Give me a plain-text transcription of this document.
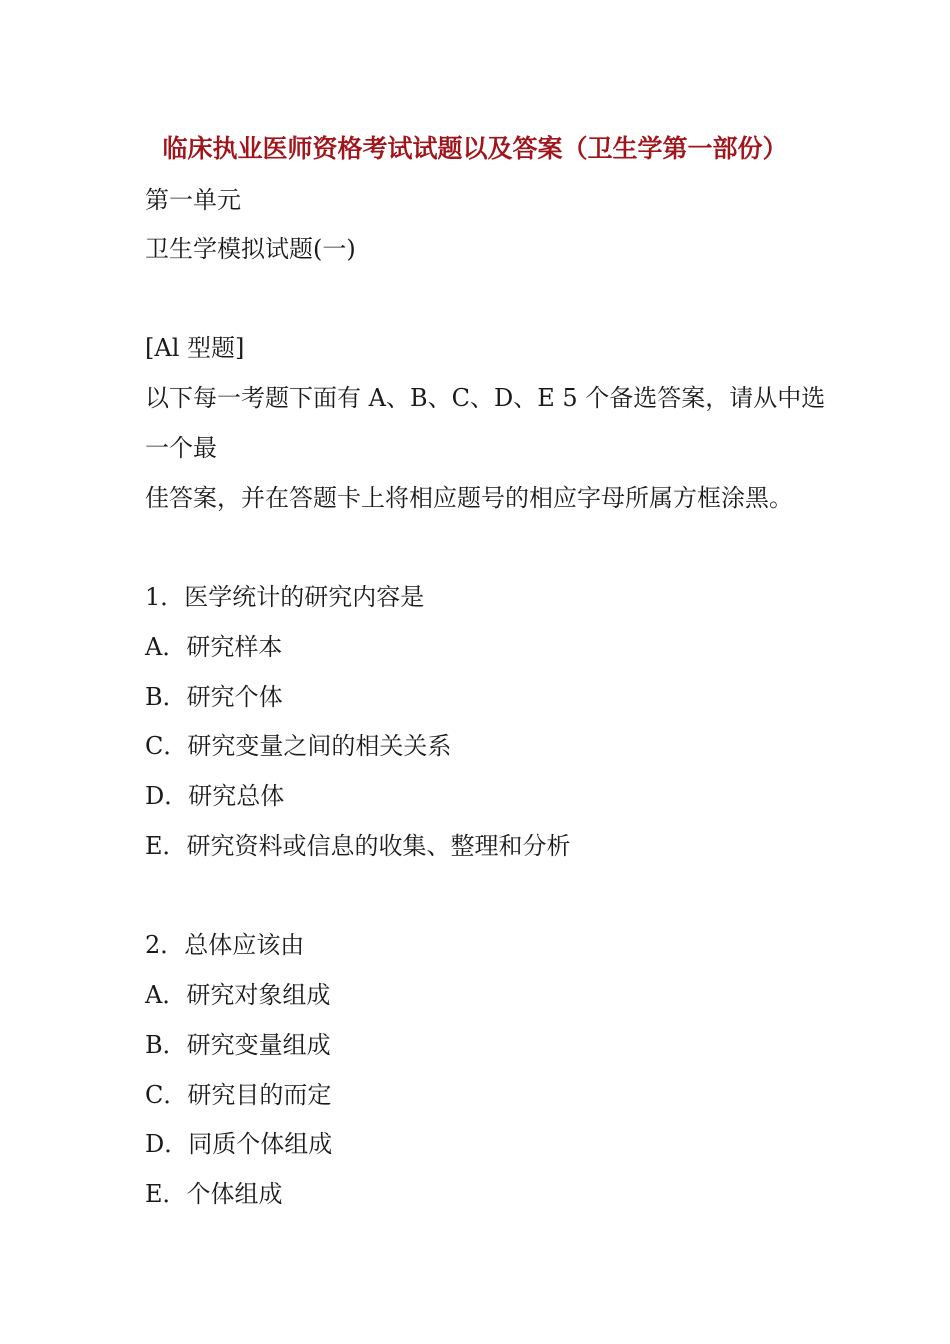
临床执业医师资格考试试题以及答案（卫生学第一部份）
第一单元
卫生学模拟试题(一)
[Al 型题]
以下每一考题下面有 A、B、C、D、E 5 个备选答案，请从中选
一个最
佳答案，并在答题卡上将相应题号的相应字母所属方框涂黑。
1．医学统计的研究内容是
A．研究样本
B．研究个体
C．研究变量之间的相关关系
D．研究总体
E．研究资料或信息的收集、整理和分析
2．总体应该由
A．研究对象组成
B．研究变量组成
C．研究目的而定
D．同质个体组成
E．个体组成
